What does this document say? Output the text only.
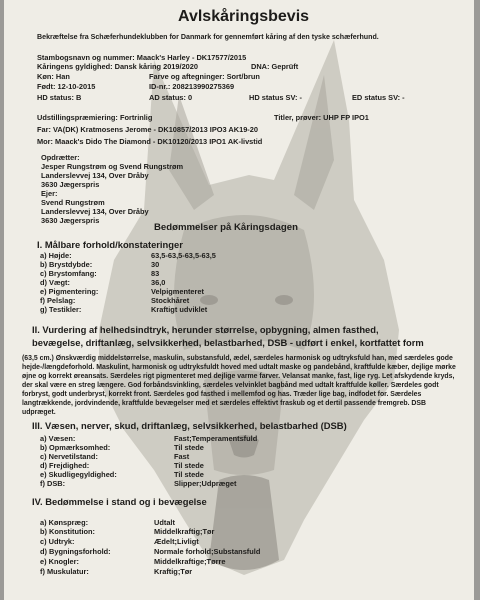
Avlskåringsbevis
Bekræftelse fra Schæferhundeklubben for Danmark for gennemført kåring af den tyske schæferhund.
Stambogsnavn og nummer: Maack's Harley - DK17577/2015
Kåringens gyldighed: Dansk kåring 2019/2020	DNA: Geprüft
Køn: Han	Farve og aftegninger: Sort/brun
Født: 12-10-2015	ID-nr.: 208213990275369
HD status: B	AD status: 0	HD status SV: -	ED status SV: -
Udstillingspræmiering: Fortrinlig	Titler, prøver: UHP FP IPO1
Far: VA(DK) Kratmosens Jerome - DK10857/2013 IPO3 AK19-20
Mor: Maack's Dido The Diamond - DK10120/2013 IPO1 AK-livstid
Opdrætter:
Jesper Rungstrøm og Svend Rungstrøm
Landerslevvej 134, Over Dråby
3630 Jægerspris
Ejer:
Svend Rungstrøm
Landerslevvej 134, Over Dråby
3630 Jægerspris
Bedømmelser på Kåringsdagen
I. Målbare forhold/konstateringer
a) Højde:	63,5-63,5-63,5-63,5
b) Brystdybde:	30
c) Brystomfang:	83
d) Vægt:	36,0
e) Pigmentering:	Velpigmenteret
f) Pelslag:	Stockhåret
g) Testikler:	Kraftigt udviklet
II. Vurdering af helhedsindtryk, herunder størrelse, opbygning, almen fasthed,
bevægelse, driftanlæg, selvsikkerhed, belastbarhed, DSB - udført i enkel, kortfattet form
(63,5 cm.) Ønskværdig middelstørrelse, maskulin, substansfuld, ædel, særdeles harmonisk og udtryksfuld han, med særdeles gode hejde-/længdeforhold. Maskulint, harmonisk og udtryksfuldt hoved med udtalt maske og pandebånd, kraftfulde kæber, dejlige mørke øjne og korrekt øreansats. Særdeles rigt pigmenteret med dejlige varme farver. Velansat manke, fast, lige ryg. Let afskydende kryds, der skal være en streg længere. God forbåndsvinkling, særdeles velvinklet bagbånd med udtalt kraftfulde køller. Særdeles godt forbryst, godt underbryst, korrekt front. Særdeles god fasthed i mellemfod og has. Træder lige bag, indfodet for. Særdeles langtrækkende, jordvindende, kraftfulde bevægelser med et særdeles effektivt fraskub og et dertil passende fremgreb. DSB udpræget.
III. Væsen, nerver, skud, driftanlæg, selvsikkerhed, belastbarhed (DSB)
a) Væsen:	Fast;Temperamentsfuld
b) Opmærksomhed:	Til stede
c) Nervetilstand:	Fast
d) Frejdighed:	Til stede
e) Skudligegyldighed:	Til stede
f) DSB:	Slipper;Udpræget
IV. Bedømmelse i stand og i bevægelse
a) Kønspræg:	Udtalt
b) Konstitution:	Middelkraftig;Tør
c) Udtryk:	Ædelt;Livligt
d) Bygningsforhold:	Normale forhold;Substansfuld
e) Knogler:	Middelkraftige;Tørre
f) Muskulatur:	Kraftig;Tør
